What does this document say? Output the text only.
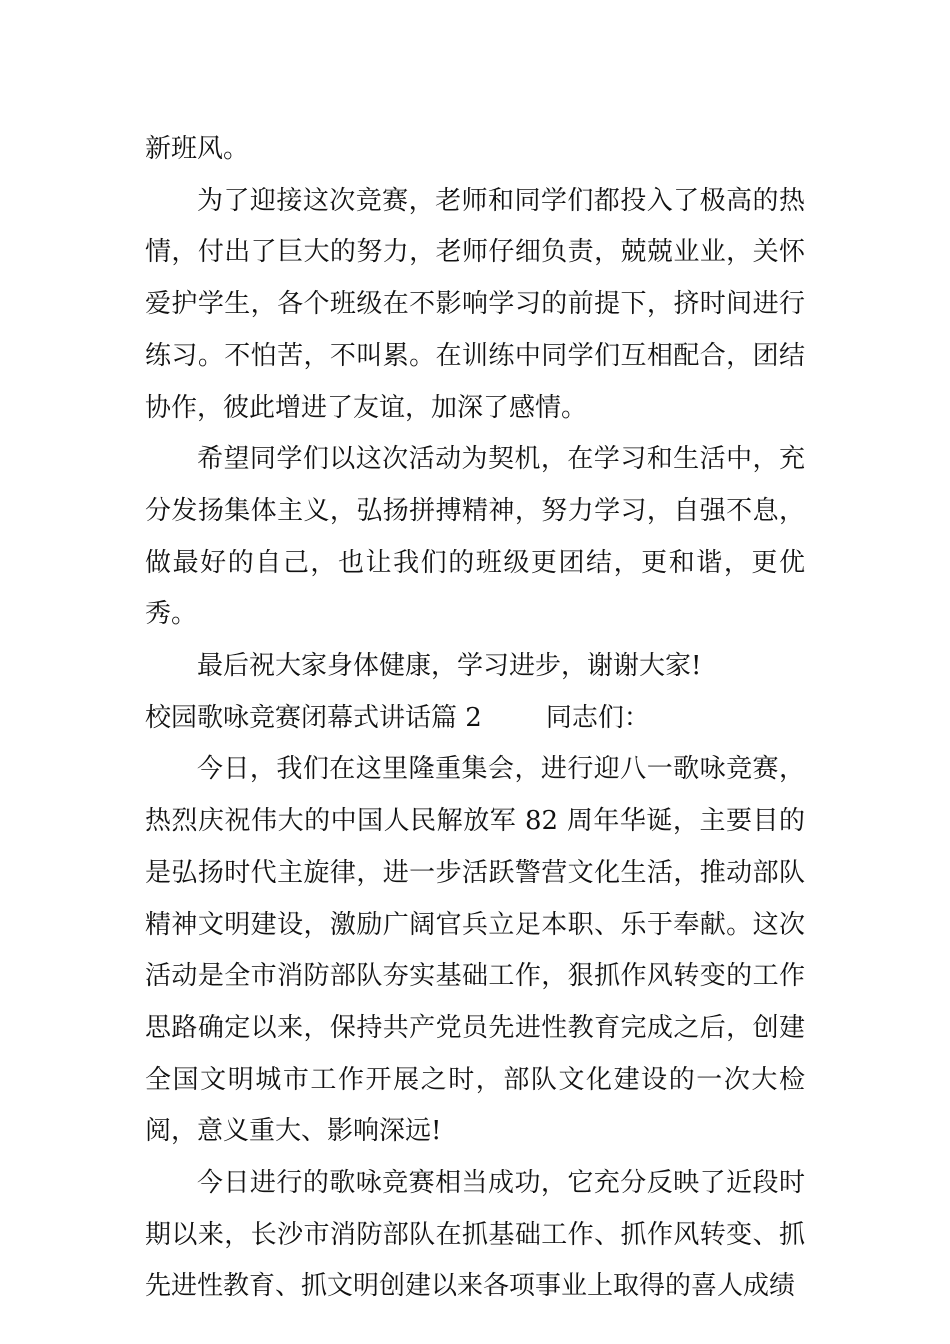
新班风。

为了迎接这次竞赛，老师和同学们都投入了极高的热情，付出了巨大的努力，老师仔细负责，兢兢业业，关怀爱护学生，各个班级在不影响学习的前提下，挤时间进行练习。不怕苦，不叫累。在训练中同学们互相配合，团结协作，彼此增进了友谊，加深了感情。

希望同学们以这次活动为契机，在学习和生活中，充分发扬集体主义，弘扬拼搏精神，努力学习，自强不息，做最好的自己，也让我们的班级更团结，更和谐，更优秀。

最后祝大家身体健康，学习进步，谢谢大家!

校园歌咏竞赛闭幕式讲话篇 2 同志们：

今日，我们在这里隆重集会，进行迎八一歌咏竞赛，热烈庆祝伟大的中国人民解放军 82 周年华诞，主要目的是弘扬时代主旋律，进一步活跃警营文化生活，推动部队精神文明建设，激励广阔官兵立足本职、乐于奉献。这次活动是全市消防部队夯实基础工作，狠抓作风转变的工作思路确定以来，保持共产党员先进性教育完成之后，创建全国文明城市工作开展之时，部队文化建设的一次大检阅，意义重大、影响深远!

今日进行的歌咏竞赛相当成功，它充分反映了近段时期以来，长沙市消防部队在抓基础工作、抓作风转变、抓先进性教育、抓文明创建以来各项事业上取得的喜人成绩
